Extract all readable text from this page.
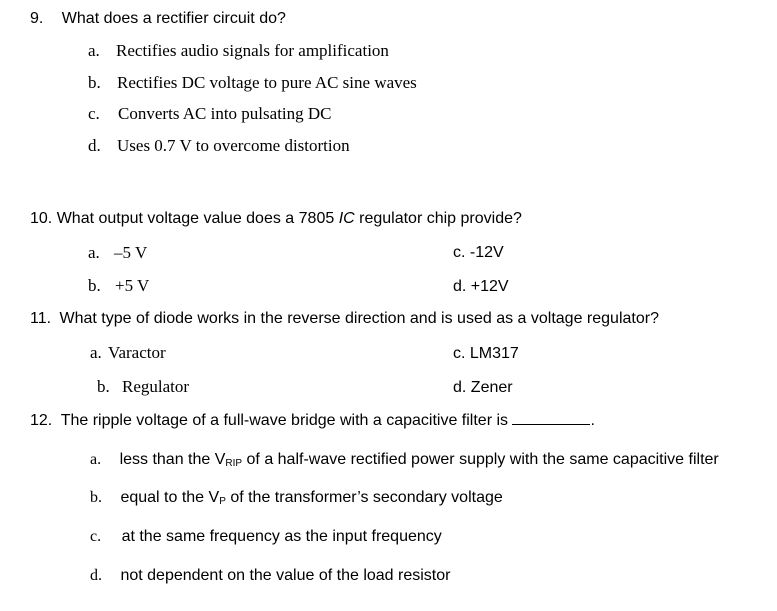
9. What does a rectifier circuit do?
a. Rectifies audio signals for amplification
b. Rectifies DC voltage to pure AC sine waves
c. Converts AC into pulsating DC
d. Uses 0.7 V to overcome distortion
10. What output voltage value does a 7805 IC regulator chip provide?
a. –5 V	c. -12V
b. +5 V	d. +12V
11. What type of diode works in the reverse direction and is used as a voltage regulator?
a. Varactor	c. LM317
b. Regulator	d. Zener
12. The ripple voltage of a full-wave bridge with a capacitive filter is	.
a. less than the VRIP of a half-wave rectified power supply with the same capacitive filter
b. equal to the VP of the transformer’s secondary voltage
c. at the same frequency as the input frequency
d. not dependent on the value of the load resistor
